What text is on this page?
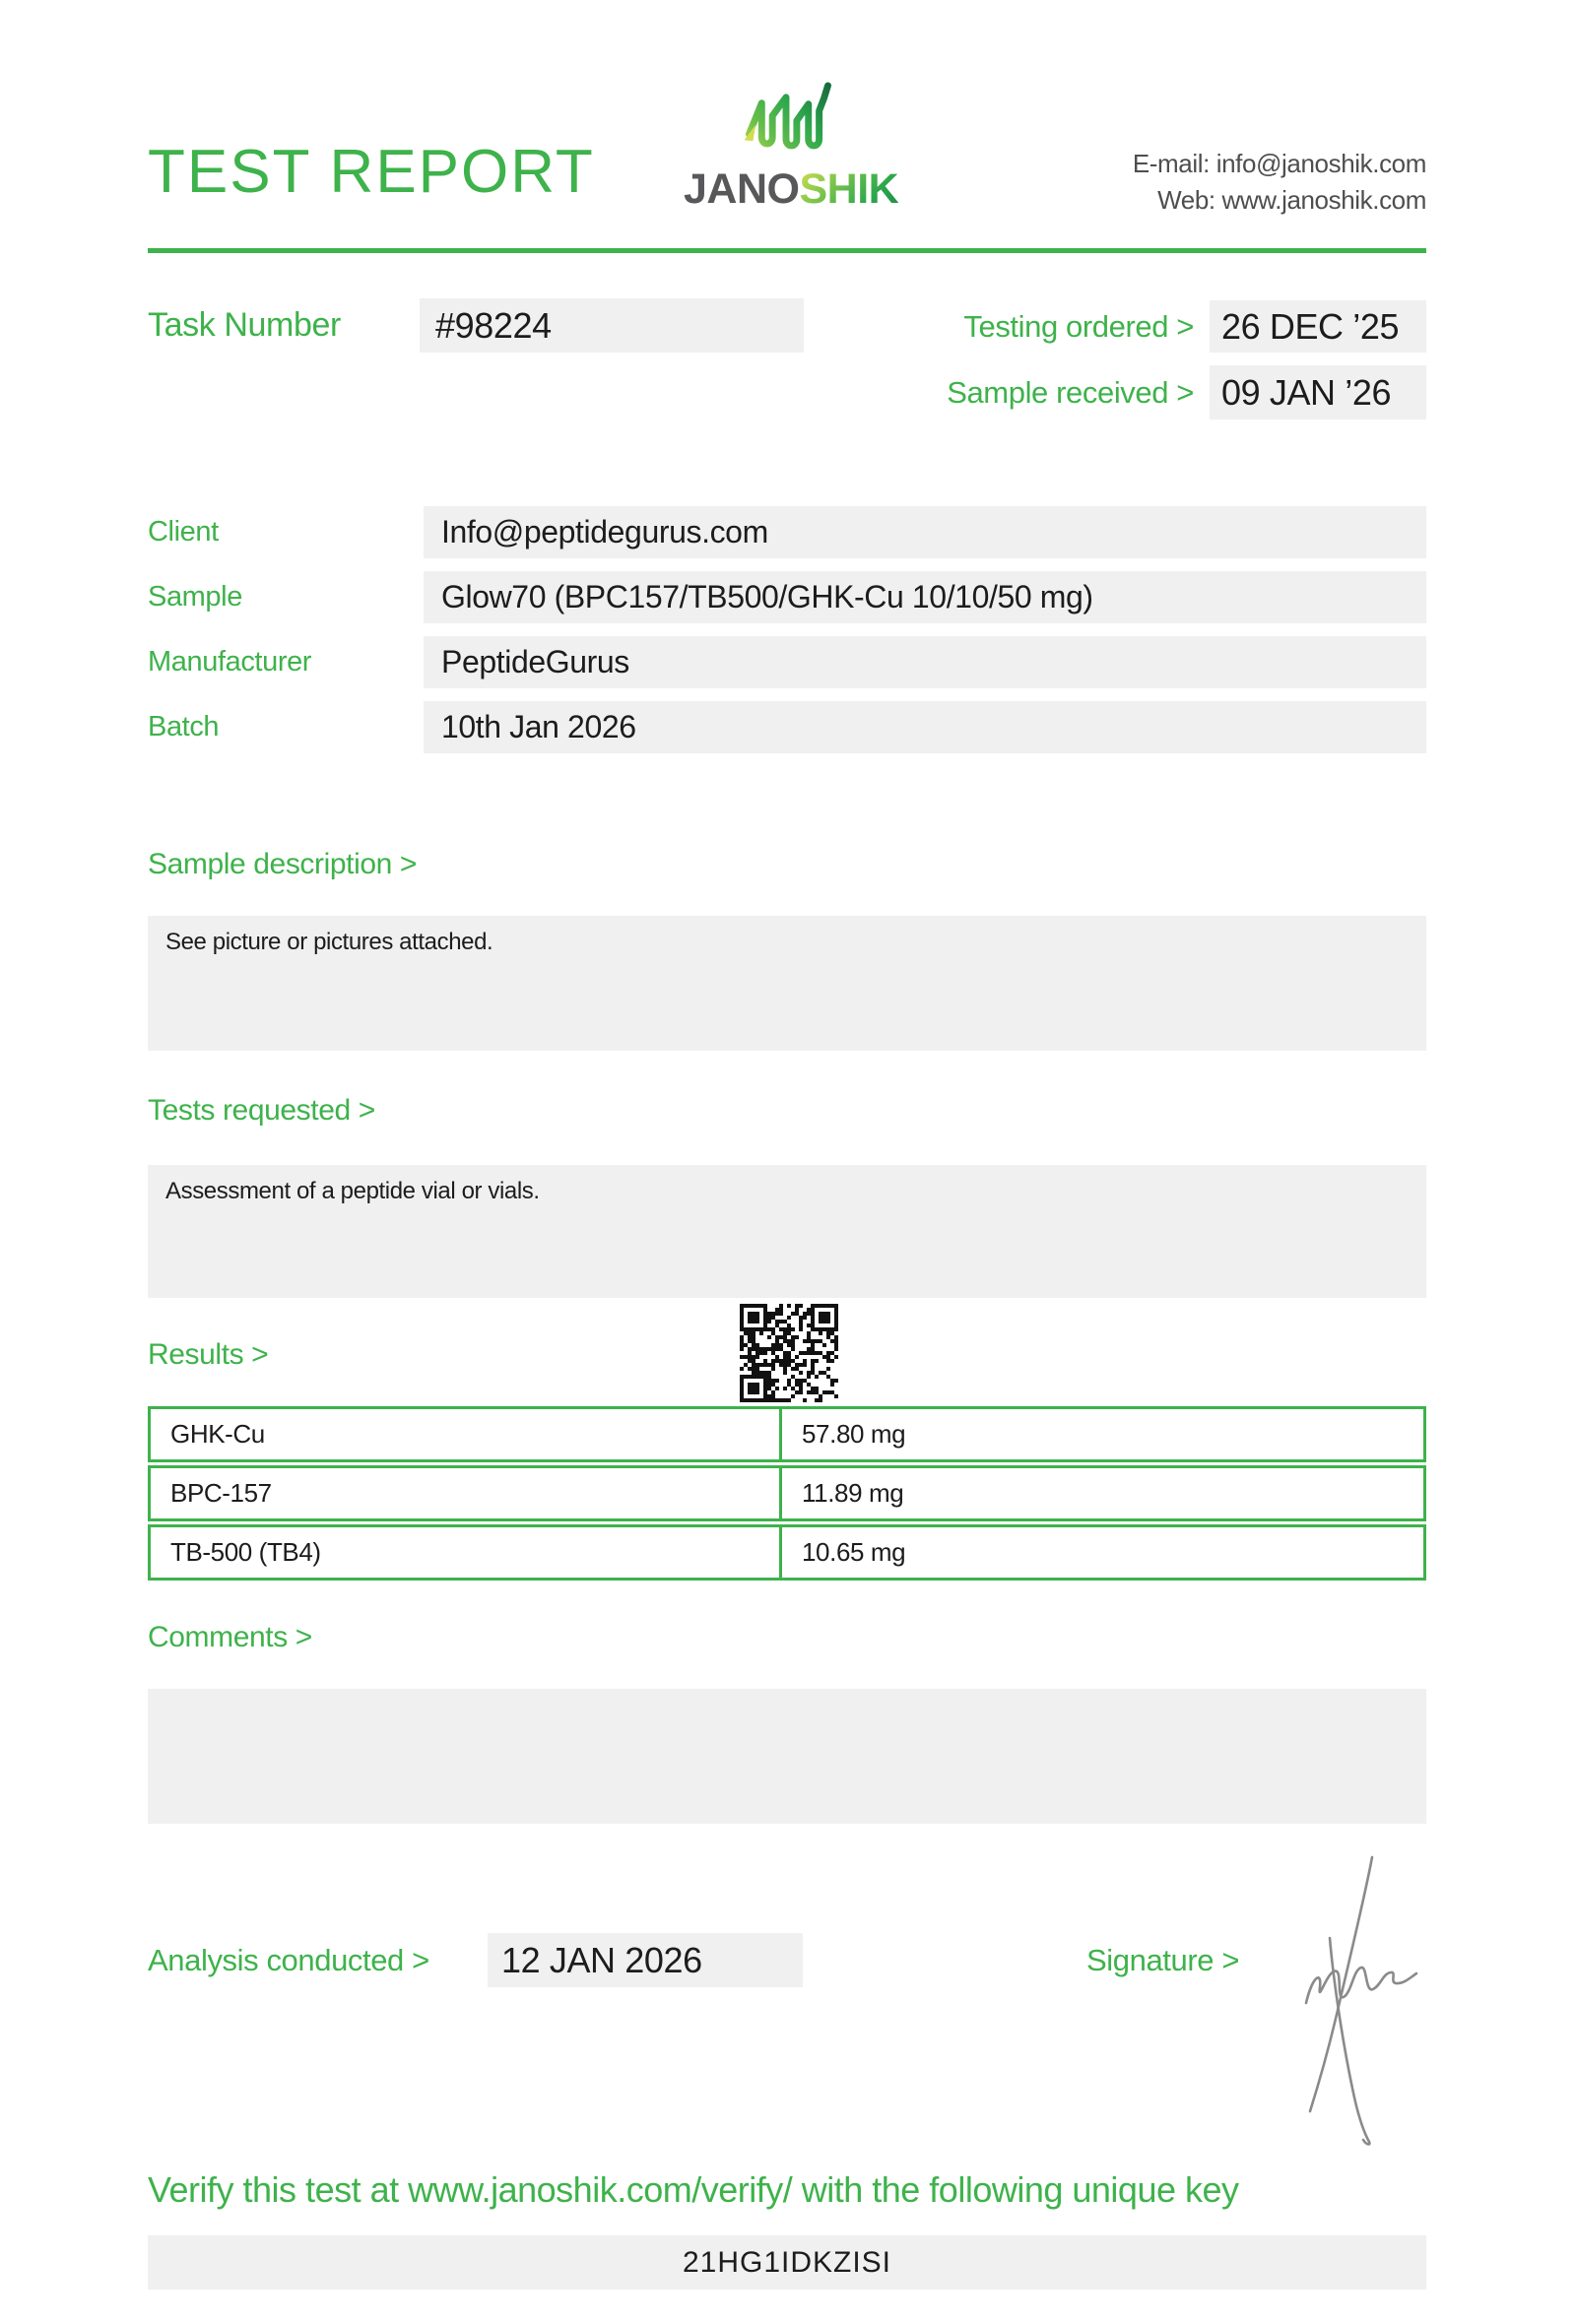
TEST REPORT JANOSHIK
E-mail: info@janoshik.com
Web: www.janoshik.com
Task Number	#98224	Testing ordered > 26 DEC ’25
Sample received > 09 JAN ’26
Client	Info@peptidegurus.com
Sample	Glow70 (BPC157/TB500/GHK-Cu 10/10/50 mg)
Manufacturer	PeptideGurus
Batch	10th Jan 2026
Sample description >
See picture or pictures attached.
Tests requested >
Assessment of a peptide vial or vials.
Results >
GHK-Cu	57.80 mg
BPC-157	11.89 mg
TB-500 (TB4)	10.65 mg
Comments >
Analysis conducted >	12 JAN 2026	Signature >
Verify this test at www.janoshik.com/verify/ with the following unique key
21HG1IDKZISI
